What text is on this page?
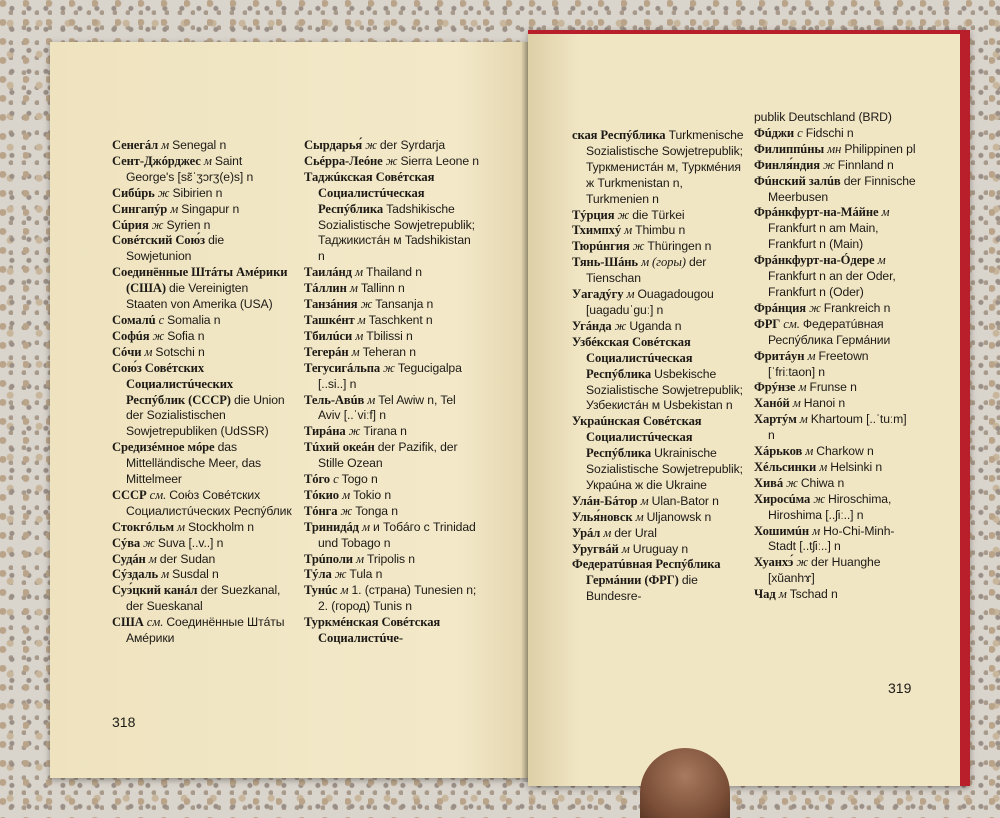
Сенегáл м Senegal n

Сент-Джóрджес м Saint George's [sɛ̃ˈʒɔrʒ(e)s] n

Сибúрь ж Sibirien n

Сингапýр м Singapur n

Сúрия ж Syrien n

Совéтский Сою́з die Sowjetunion

Соединённые Штáты Амéрики (США) die Vereinigten Staaten von Amerika (USA)

Сомалú с Somalia n

Софúя ж Sofia n

Сóчи м Sotschi n

Сою́з Совéтских Социалистúческих Респýблик (СССР) die Union der Sozialistischen Sowjetrepubliken (UdSSR)

Средизéмное мóре das Mittelländische Meer, das Mittelmeer

СССР см. Сою́з Совéтских Социалистúческих Респýблик

Стокгóльм м Stockholm n

Сýва ж Suva [..v..] n

Судáн м der Sudan

Сýздаль м Susdal n

Суэ́цкий канáл der Suezkanal, der Sueskanal

США см. Соединённые Штáты Амéрики

Сырдарья́ ж der Syrdarja

Сьéрра-Леóне ж Sierra Leone n

Таджúкская Совéтская Социалистúческая Респýблика Tadshikische Sozialistische Sowjetrepublik; Таджикистáн м Tadshikistan n

Таилáнд м Thailand n

Тáллин м Tallinn n

Танзáния ж Tansanja n

Ташкéнт м Taschkent n

Тбилúси м Tbilissi n

Тегерáн м Teheran n

Тегусигáльпа ж Tegucigalpa [..si..] n

Тель-Авúв м Tel Awiw n, Tel Aviv [..ˈviːf] n

Тирáна ж Tirana n

Тúхий океáн der Pazifik, der Stille Ozean

Тóго с Togo n

Тóкио м Tokio n

Тóнга ж Tonga n

Тринидáд м и Тобáго с Trinidad und Tobago n

Трúполи м Tripolis n

Тýла ж Tula n

Тунúс м 1. (страна) Tunesien n; 2. (город) Tunis n

Туркмéнская Совéтская Социалистúче-

318

ская Респýблика Turkmenische Sozialistische Sowjetrepublik; Туркменистáн м, Туркмéния ж Turkmenistan n, Turkmenien n

Тýрция ж die Türkei

Тхимпхý м Thimbu n

Тюрúнгия ж Thüringen n

Тянь-Шáнь м (горы) der Tienschan

Уагадýгу м Ouagadougou [uagaduˈguː] n

Угáнда ж Uganda n

Узбéкская Совéтская Социалистúческая Респýблика Usbekische Sozialistische Sowjetrepublik; Узбекистáн м Usbekistan n

Украúнская Совéтская Социалистúческая Респýблика Ukrainische Sozialistische Sowjetrepublik; Украúна ж die Ukraine

Улáн-Бáтор м Ulan-Bator n

Улья́новск м Uljanowsk n

Урáл м der Ural

Уругвáй м Uruguay n

Федератúвная Респýблика Гермáнии (ФРГ) die Bundesre-

publik Deutschland (BRD)

Фúджи с Fidschi n

Филиппúны мн Philippinen pl

Финля́ндия ж Finnland n

Фúнский залúв der Finnische Meerbusen

Фрáнкфурт-на-Мáйне м Frankfurt n am Main, Frankfurt n (Main)

Фрáнкфурт-на-Óдере м Frankfurt n an der Oder, Frankfurt n (Oder)

Фрáнция ж Frankreich n

ФРГ см. Федератúвная Респýблика Гермáнии

Фритáун м Freetown [ˈfriːtaon] n

Фрýнзе м Frunse n

Ханóй м Hanoi n

Хартýм м Khartoum [..ˈtuːm] n

Хáрьков м Charkow n

Хéльсинки м Helsinki n

Хивá ж Chiwa n

Хиросúма ж Hiroschima, Hiroshima [..ʃiː..] n

Хошимúн м Ho-Chi-Minh-Stadt [..tʃiː..] n

Хуанхэ́ ж der Huanghe [xŭanhɤ]

Чад м Tschad n

319
